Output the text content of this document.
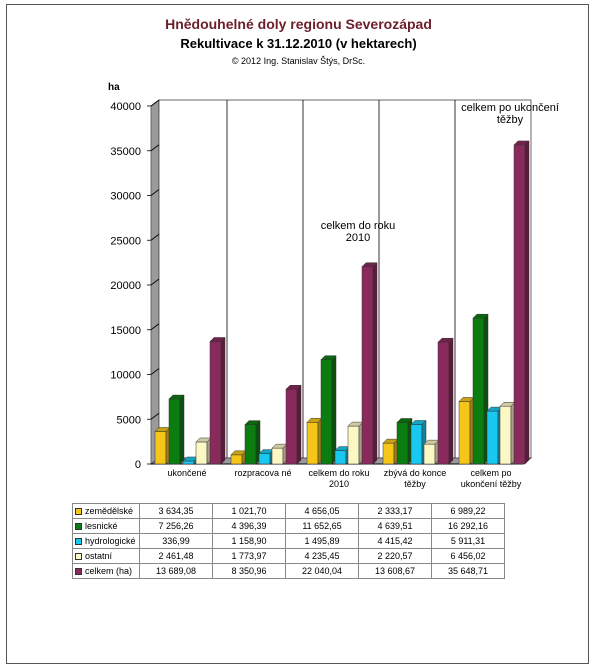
Hnědouhelné doly regionu Severozápad
Rekultivace k 31.12.2010 (v hektarech)
© 2012 Ing. Stanislav Štýs, DrSc.
ha
0
5000
10000
15000
20000
25000
30000
35000
40000
celkem do roku 2010
celkem po ukončení těžby
ukončené	rozpracova né	celkem do roku 2010
zbývá do konce těžby
celkem po ukončení těžby
zemědělské	3 634,35	1 021,70	4 656,05	2 333,17	6 989,22
lesnické	7 256,26	4 396,39	11 652,65	4 639,51	16 292,16
hydrologické	336,99	1 158,90	1 495,89	4 415,42	5 911,31
ostatní	2 461,48	1 773,97	4 235,45	2 220,57	6 456,02
celkem (ha)	13 689,08	8 350,96	22 040,04	13 608,67	35 648,71
